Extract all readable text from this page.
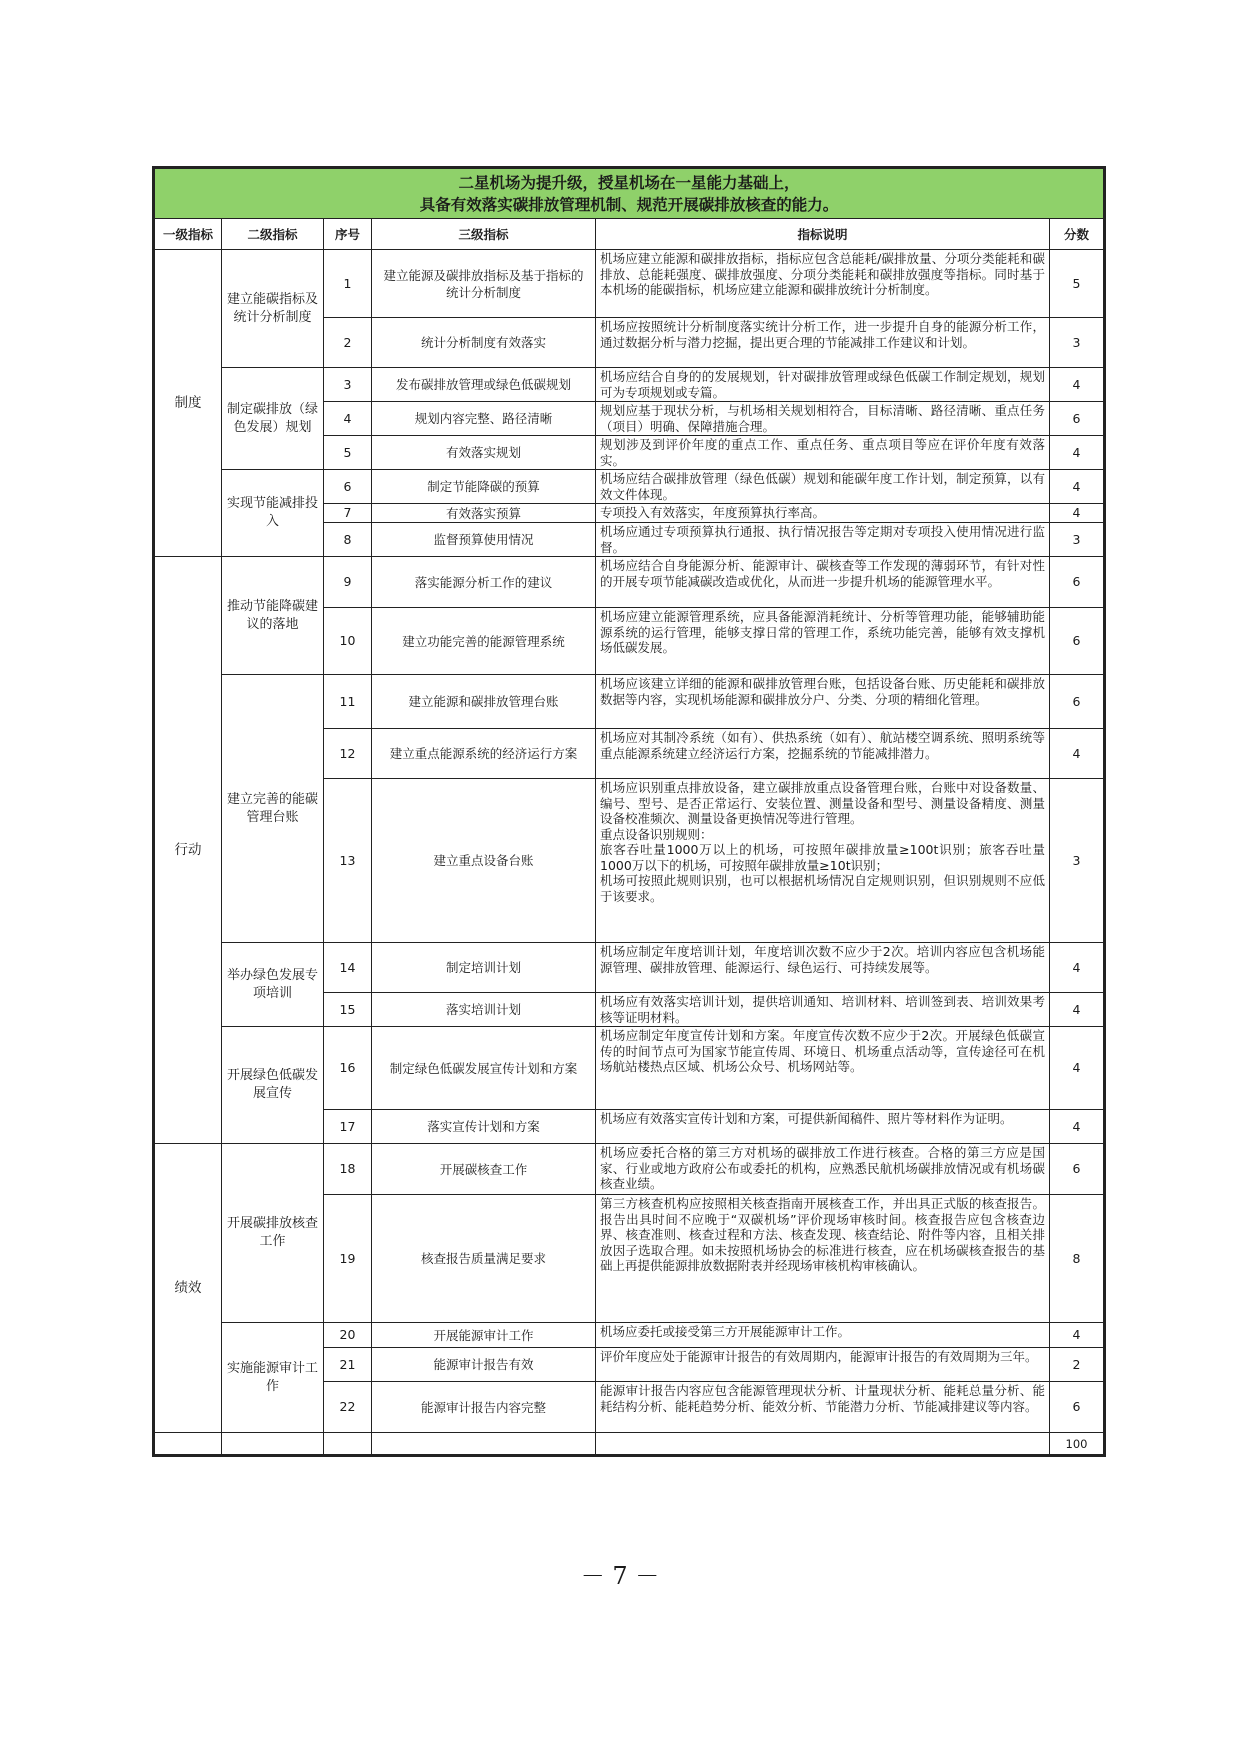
二星机场为提升级，授星机场在一星能力基础上，
具备有效落实碳排放管理机制、规范开展碳排放核查的能力。					

一级指标	二级指标	序号	三级指标	指标说明	分数
制度	建立能碳指标及统计分析制度	1	建立能源及碳排放指标及基于指标的统计分析制度	机场应建立能源和碳排放指标，指标应包含总能耗/碳排放量、分项分类能耗和碳排放、总能耗强度、碳排放强度、分项分类能耗和碳排放强度等指标。同时基于本机场的能碳指标，机场应建立能源和碳排放统计分析制度。	5
		2	统计分析制度有效落实	机场应按照统计分析制度落实统计分析工作，进一步提升自身的能源分析工作，通过数据分析与潜力挖掘，提出更合理的节能减排工作建议和计划。	3
	制定碳排放（绿色发展）规划	3	发布碳排放管理或绿色低碳规划	机场应结合自身的的发展规划，针对碳排放管理或绿色低碳工作制定规划，规划可为专项规划或专篇。	4
		4	规划内容完整、路径清晰	规划应基于现状分析，与机场相关规划相符合，目标清晰、路径清晰、重点任务（项目）明确、保障措施合理。	6
		5	有效落实规划	规划涉及到评价年度的重点工作、重点任务、重点项目等应在评价年度有效落实。	4
	实现节能减排投入	6	制定节能降碳的预算	机场应结合碳排放管理（绿色低碳）规划和能碳年度工作计划，制定预算，以有效文件体现。	4
		7	有效落实预算	专项投入有效落实，年度预算执行率高。	4
		8	监督预算使用情况	机场应通过专项预算执行通报、执行情况报告等定期对专项投入使用情况进行监督。	3
行动	推动节能降碳建议的落地	9	落实能源分析工作的建议	机场应结合自身能源分析、能源审计、碳核查等工作发现的薄弱环节，有针对性的开展专项节能减碳改造或优化，从而进一步提升机场的能源管理水平。	6
		10	建立功能完善的能源管理系统	机场应建立能源管理系统，应具备能源消耗统计、分析等管理功能，能够辅助能源系统的运行管理，能够支撑日常的管理工作，系统功能完善，能够有效支撑机场低碳发展。	6
	建立完善的能碳管理台账	11	建立能源和碳排放管理台账	机场应该建立详细的能源和碳排放管理台账，包括设备台账、历史能耗和碳排放数据等内容，实现机场能源和碳排放分户、分类、分项的精细化管理。	6
		12	建立重点能源系统的经济运行方案	机场应对其制冷系统（如有）、供热系统（如有）、航站楼空调系统、照明系统等重点能源系统建立经济运行方案，挖掘系统的节能减排潜力。	4
		13	建立重点设备台账	机场应识别重点排放设备，建立碳排放重点设备管理台账，台账中对设备数量、编号、型号、是否正常运行、安装位置、测量设备和型号、测量设备精度、测量设备校准频次、测量设备更换情况等进行管理。
重点设备识别规则：
旅客吞吐量1000万以上的机场，可按照年碳排放量≥100t识别；旅客吞吐量1000万以下的机场，可按照年碳排放量≥10t识别；
机场可按照此规则识别，也可以根据机场情况自定规则识别，但识别规则不应低于该要求。	3
	举办绿色发展专项培训	14	制定培训计划	机场应制定年度培训计划，年度培训次数不应少于2次。培训内容应包含机场能源管理、碳排放管理、能源运行、绿色运行、可持续发展等。	4
		15	落实培训计划	机场应有效落实培训计划，提供培训通知、培训材料、培训签到表、培训效果考核等证明材料。	4
	开展绿色低碳发展宣传	16	制定绿色低碳发展宣传计划和方案	机场应制定年度宣传计划和方案。年度宣传次数不应少于2次。开展绿色低碳宣传的时间节点可为国家节能宣传周、环境日、机场重点活动等，宣传途径可在机场航站楼热点区域、机场公众号、机场网站等。	4
		17	落实宣传计划和方案	机场应有效落实宣传计划和方案，可提供新闻稿件、照片等材料作为证明。	4
绩效	开展碳排放核查工作	18	开展碳核查工作	机场应委托合格的第三方对机场的碳排放工作进行核查。合格的第三方应是国家、行业或地方政府公布或委托的机构，应熟悉民航机场碳排放情况或有机场碳核查业绩。	6
		19	核查报告质量满足要求	第三方核查机构应按照相关核查指南开展核查工作，并出具正式版的核查报告。报告出具时间不应晚于“双碳机场”评价现场审核时间。核查报告应包含核查边界、核查准则、核查过程和方法、核查发现、核查结论、附件等内容，且相关排放因子选取合理。如未按照机场协会的标准进行核查，应在机场碳核查报告的基础上再提供能源排放数据附表并经现场审核机构审核确认。	8
	实施能源审计工作	20	开展能源审计工作	机场应委托或接受第三方开展能源审计工作。	4
		21	能源审计报告有效	评价年度应处于能源审计报告的有效周期内，能源审计报告的有效周期为三年。	2
		22	能源审计报告内容完整	能源审计报告内容应包含能源管理现状分析、计量现状分析、能耗总量分析、能耗结构分析、能耗趋势分析、能效分析、节能潜力分析、节能减排建议等内容。	6
					100
－ 7 －
